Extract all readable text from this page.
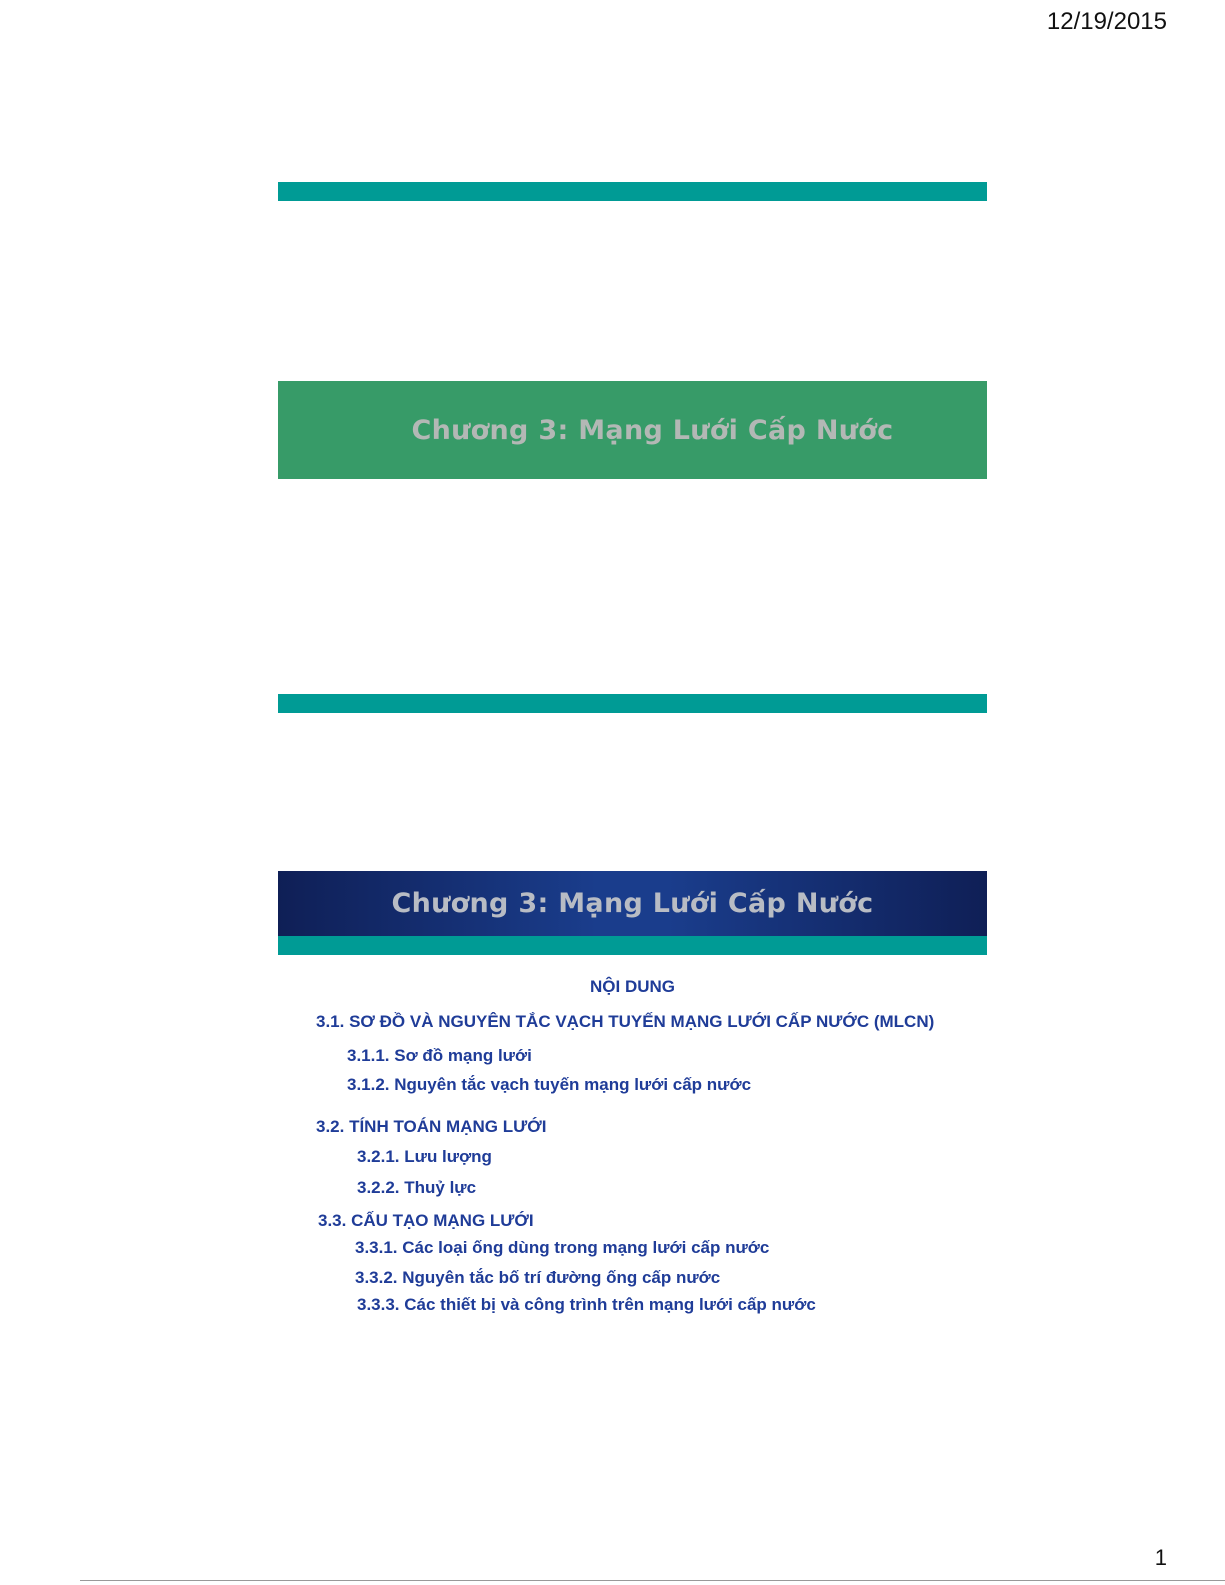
12/19/2015
Chương 3: Mạng Lưới Cấp Nước
Chương 3: Mạng Lưới Cấp Nước
NỘI DUNG
3.1. SƠ ĐỒ VÀ NGUYÊN TẮC VẠCH TUYẾN MẠNG LƯỚI CẤP NƯỚC (MLCN)
3.1.1. Sơ đồ mạng lưới
3.1.2. Nguyên tắc vạch tuyến mạng lưới cấp nước
3.2. TÍNH TOÁN MẠNG LƯỚI
3.2.1. Lưu lượng
3.2.2. Thuỷ lực
3.3. CẤU TẠO MẠNG LƯỚI
3.3.1. Các loại ống dùng trong mạng lưới cấp nước
3.3.2. Nguyên tắc bố trí đường ống cấp nước
3.3.3. Các thiết bị và công trình trên mạng lưới cấp nước
1
